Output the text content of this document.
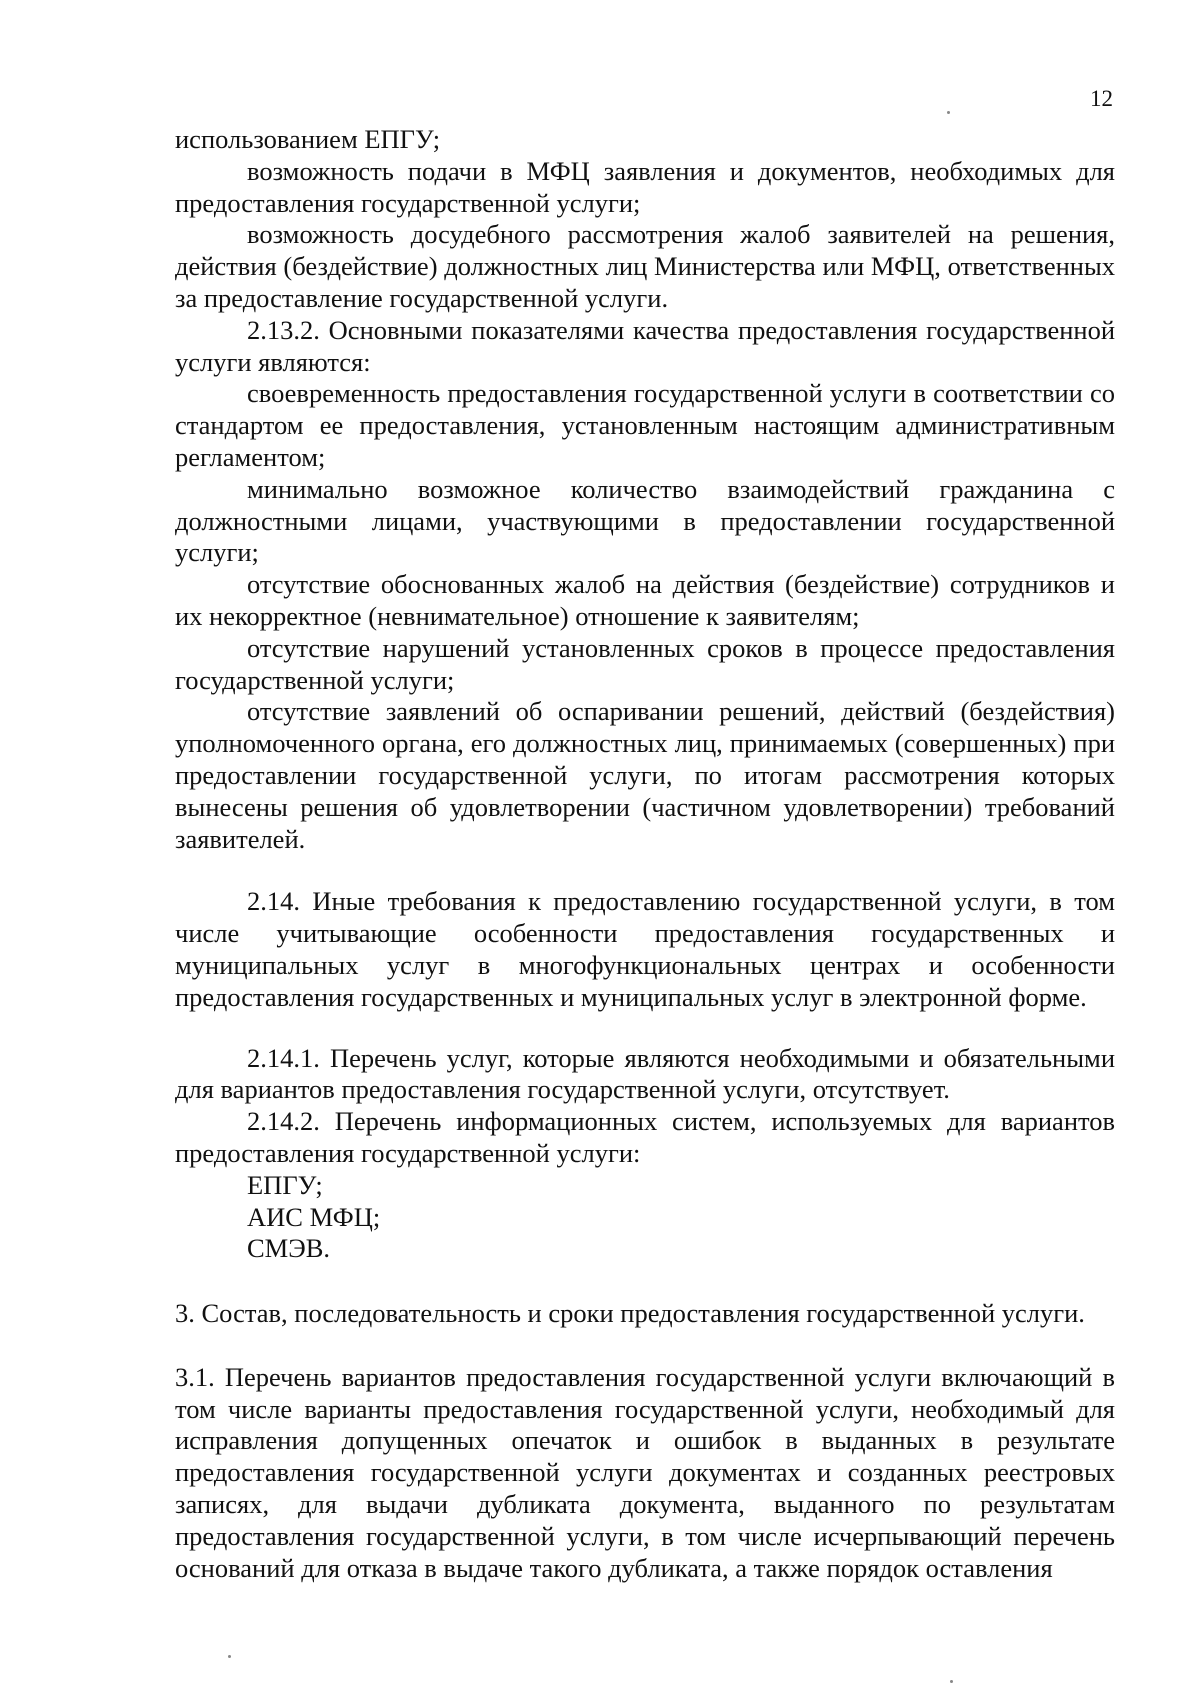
12

использованием ЕПГУ;

возможность подачи в МФЦ заявления и документов, необходимых для предоставления государственной услуги;

возможность досудебного рассмотрения жалоб заявителей на решения, действия (бездействие) должностных лиц Министерства или МФЦ, ответственных за предоставление государственной услуги.

2.13.2. Основными показателями качества предоставления государственной услуги являются:

своевременность предоставления государственной услуги в соответствии со стандартом ее предоставления, установленным настоящим административным регламентом;

минимально возможное количество взаимодействий гражданина с должностными лицами, участвующими в предоставлении государственной услуги;

отсутствие обоснованных жалоб на действия (бездействие) сотрудников и их некорректное (невнимательное) отношение к заявителям;

отсутствие нарушений установленных сроков в процессе предоставления государственной услуги;

отсутствие заявлений об оспаривании решений, действий (бездействия) уполномоченного органа, его должностных лиц, принимаемых (совершенных) при предоставлении государственной услуги, по итогам рассмотрения которых вынесены решения об удовлетворении (частичном удовлетворении) требований заявителей.

2.14. Иные требования к предоставлению государственной услуги, в том числе учитывающие особенности предоставления государственных и муниципальных услуг в многофункциональных центрах и особенности предоставления государственных и муниципальных услуг в электронной форме.

2.14.1. Перечень услуг, которые являются необходимыми и обязательными для вариантов предоставления государственной услуги, отсутствует.

2.14.2. Перечень информационных систем, используемых для вариантов предоставления государственной услуги:

ЕПГУ;

АИС МФЦ;

СМЭВ.

3. Состав, последовательность и сроки предоставления государственной услуги.

3.1. Перечень вариантов предоставления государственной услуги включающий в том числе варианты предоставления государственной услуги, необходимый для исправления допущенных опечаток и ошибок в выданных в результате предоставления государственной услуги документах и созданных реестровых записях, для выдачи дубликата документа, выданного по результатам предоставления государственной услуги, в том числе исчерпывающий перечень оснований для отказа в выдаче такого дубликата, а также порядок оставления
